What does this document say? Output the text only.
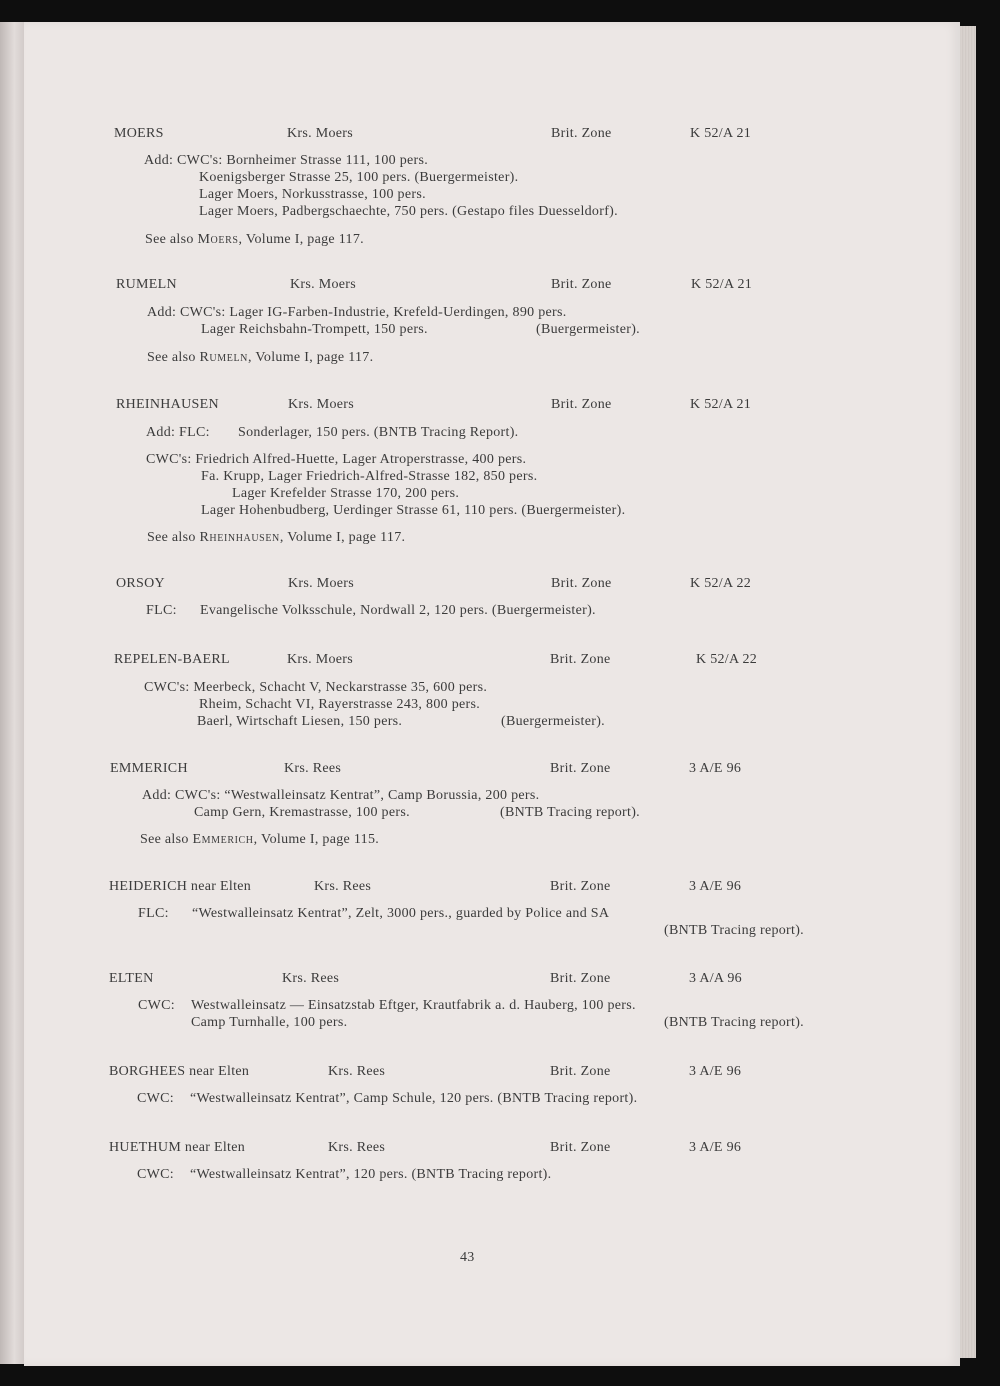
MOERS	Krs. Moers	Brit. Zone	K 52/A 21
Add: CWC's: Bornheimer Strasse 111, 100 pers.
Koenigsberger Strasse 25, 100 pers. (Buergermeister).
Lager Moers, Norkusstrasse, 100 pers.
Lager Moers, Padbergschaechte, 750 pers. (Gestapo files Duesseldorf).
See also Moers, Volume I, page 117.
RUMELN	Krs. Moers	Brit. Zone	K 52/A 21
Add: CWC's: Lager IG-Farben-Industrie, Krefeld-Uerdingen, 890 pers.
Lager Reichsbahn-Trompett, 150 pers.	(Buergermeister).
See also Rumeln, Volume I, page 117.
RHEINHAUSEN	Krs. Moers	Brit. Zone	K 52/A 21
Add: FLC: Sonderlager, 150 pers. (BNTB Tracing Report).
CWC's: Friedrich Alfred-Huette, Lager Atroperstrasse, 400 pers.
Fa. Krupp, Lager Friedrich-Alfred-Strasse 182, 850 pers.
Lager Krefelder Strasse 170, 200 pers.
Lager Hohenbudberg, Uerdinger Strasse 61, 110 pers. (Buergermeister).
See also Rheinhausen, Volume I, page 117.
ORSOY	Krs. Moers	Brit. Zone	K 52/A 22
FLC: Evangelische Volksschule, Nordwall 2, 120 pers. (Buergermeister).
REPELEN-BAERL	Krs. Moers	Brit. Zone	K 52/A 22
CWC's: Meerbeck, Schacht V, Neckarstrasse 35, 600 pers.
Rheim, Schacht VI, Rayerstrasse 243, 800 pers.
Baerl, Wirtschaft Liesen, 150 pers.	(Buergermeister).
EMMERICH	Krs. Rees	Brit. Zone	3 A/E 96
Add: CWC's: “Westwalleinsatz Kentrat”, Camp Borussia, 200 pers.
Camp Gern, Kremastrasse, 100 pers.	(BNTB Tracing report).
See also Emmerich, Volume I, page 115.
HEIDERICH near Elten	Krs. Rees	Brit. Zone	3 A/E 96
FLC: “Westwalleinsatz Kentrat”, Zelt, 3000 pers., guarded by Police and SA
(BNTB Tracing report).
ELTEN	Krs. Rees	Brit. Zone	3 A/A 96
CWC: Westwalleinsatz — Einsatzstab Eftger, Krautfabrik a. d. Hauberg, 100 pers.
Camp Turnhalle, 100 pers.	(BNTB Tracing report).
BORGHEES near Elten	Krs. Rees	Brit. Zone	3 A/E 96
CWC: “Westwalleinsatz Kentrat”, Camp Schule, 120 pers. (BNTB Tracing report).
HUETHUM near Elten	Krs. Rees	Brit. Zone	3 A/E 96
CWC: “Westwalleinsatz Kentrat”, 120 pers. (BNTB Tracing report).
43
